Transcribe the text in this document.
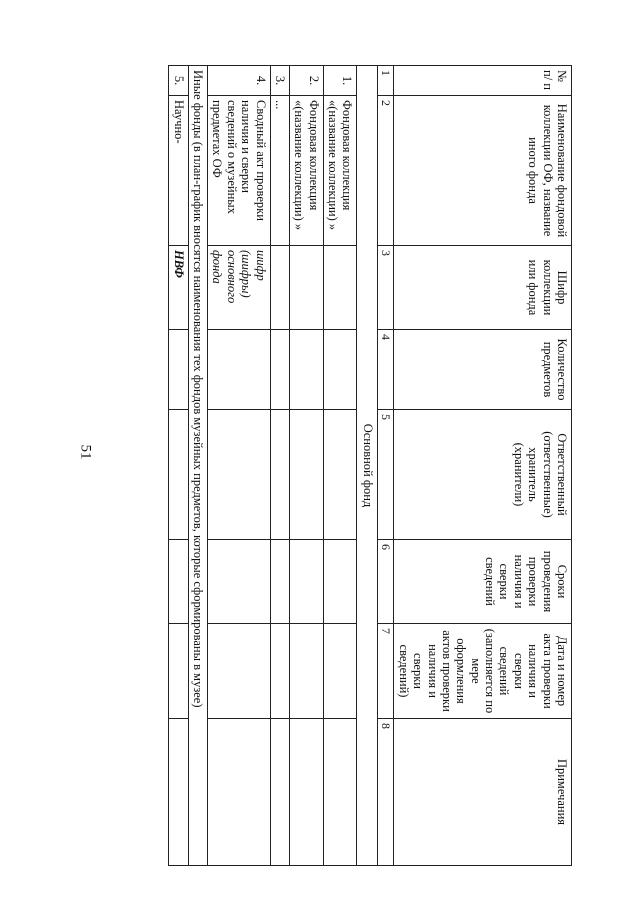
51
№ п/ п	Наименование фондовой коллекции ОФ, название иного фонда	Шифр коллекции или фонда	Количество предметов	Ответственный (ответственные) хранитель (хранители)	Сроки проведения проверки наличия и сверки сведений	Дата и номер акта проверки наличия и сверки сведений (заполняется по мере оформления актов проверки наличия и сверки сведений)	Примечания
1	2	3	4	5	6	7	8
Основной фонд							
1.	Фондовая коллекция «(название коллекции) »						
2.	Фондовая коллекция «(название коллекции) »						
3.	...						
4.	Сводный акт проверки наличия и сверки сведений о музейных предметах ОФ	шифр (шифры) основного фонда					
Иные фонды (в план-график вносятся наименования тех фондов музейных предметов, которые сформированы в музее)							
5.	Научно-	НВФ					
